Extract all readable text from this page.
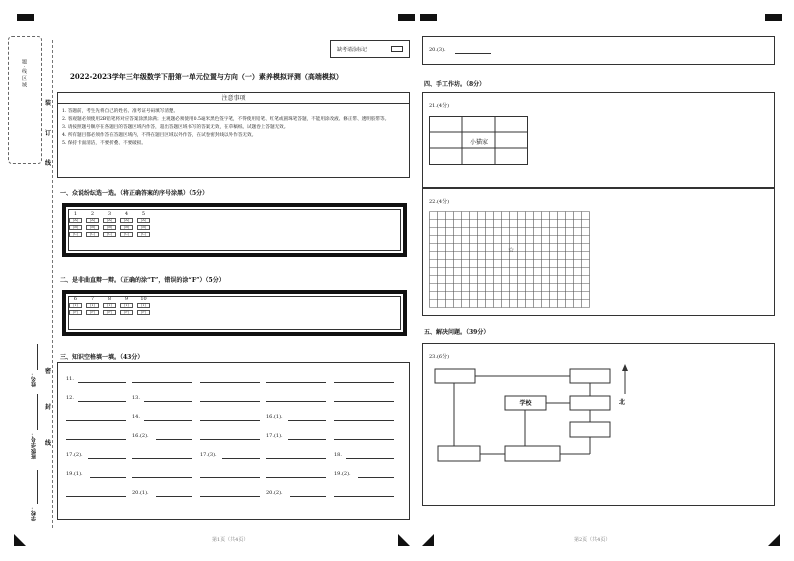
题 · 线 区 域
装
订
线
密
封
线
姓名：
班级/学号：
学校：
缺考请涂标记
2022-2023学年三年级数学下册第一单元位置与方向（一）素养模拟评测（高端模拟）
注意事项
1. 答题前，考生先将自己的姓名、准考证号码填写清楚。
2. 客观题必须使用2B铅笔将对应答案涂黑涂满；主观题必须使用0.5毫米黑色签字笔，不得使用铅笔、红笔或圆珠笔答题，不能用涂改液、修正带、透明胶带等。
3. 请按照题号顺序在各题目的答题区域内作答，超出答题区域书写的答案无效，在草稿纸、试题卷上答题无效。
4. 所有题目都必须作答在答题区域内，不得在题目区域以外作答，在试卷密封线以外作答无效。
5. 保持卡面清洁，不要折叠、不要破损。
一、众说纷纭选一选。（将正确答案的序号涂黑）（5分）
1
[A]
[B]
[C]
2
[A]
[B]
[C]
3
[A]
[B]
[C]
4
[A]
[B]
[C]
5
[A]
[B]
[C]
二、是非曲直辩一辩。（正确的涂“T”，错误的涂“F”）（5分）
6
[T]
[F]
7
[T]
[F]
8
[T]
[F]
9
[T]
[F]
10
[T]
[F]
三、知识空格填一填。（43分）
11.
12.	13.
14.	16.(1).
16.(2).	17.(1).
17.(2).	17.(3).	18.
19.(1).	19.(2).
20.(1).	20.(2).
第1页（共4页）
20.(3).
四、手工作坊。（8分）
21.(4分)
小猫家
22.(4分)
☆
五、解决问题。（39分）
23.(6分)
学校	北
第2页（共4页）
